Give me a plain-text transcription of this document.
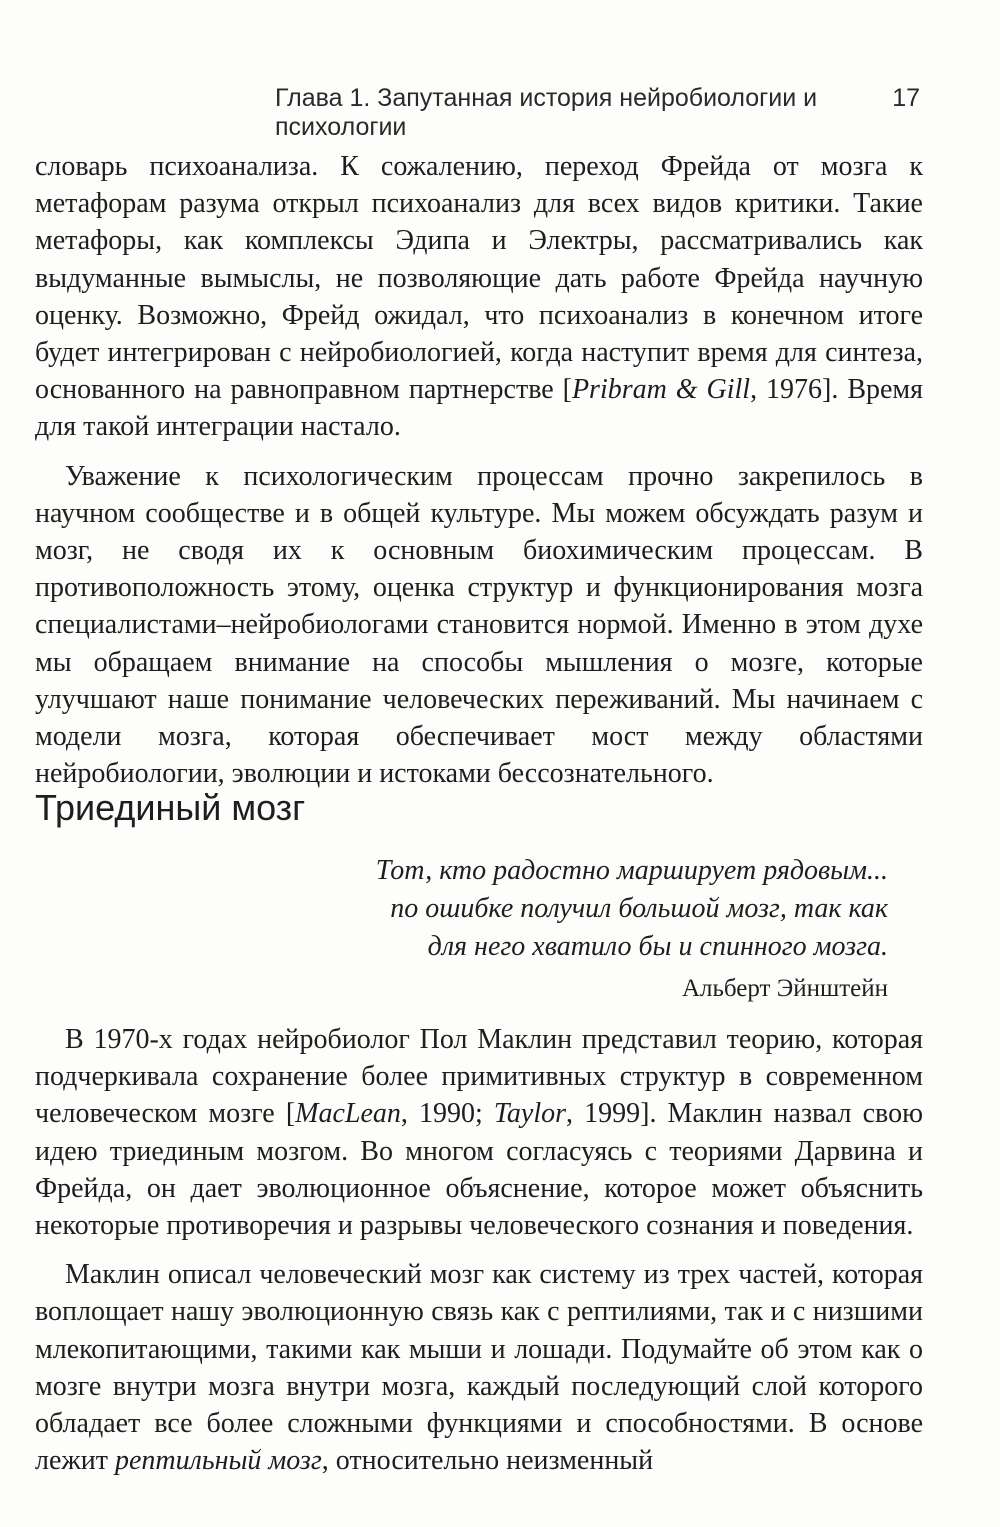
Глава 1. Запутанная история нейробиологии и психологии
17

словарь психоанализа. К сожалению, переход Фрейда от мозга к метафорам разума открыл психоанализ для всех видов критики. Такие метафоры, как комплексы Эдипа и Электры, рассматривались как выдуманные вымыслы, не позволяющие дать работе Фрейда научную оценку. Возможно, Фрейд ожидал, что психоанализ в конечном итоге будет интегрирован с нейробиологией, когда наступит время для синтеза, основанного на равноправном партнерстве [Pribram & Gill, 1976]. Время для такой интеграции настало.

Уважение к психологическим процессам прочно закрепилось в научном сообществе и в общей культуре. Мы можем обсуждать разум и мозг, не сводя их к основным биохимическим процессам. В противоположность этому, оценка структур и функционирования мозга специалистами–нейробиологами становится нормой. Именно в этом духе мы обращаем внимание на способы мышления о мозге, которые улучшают наше понимание человеческих переживаний. Мы начинаем с модели мозга, которая обеспечивает мост между областями нейробиологии, эволюции и истоками бессознательного.

Триединый мозг
Тот, кто радостно марширует рядовым...
по ошибке получил большой мозг, так как
для него хватило бы и спинного мозга.
Альберт Эйнштейн

В 1970-х годах нейробиолог Пол Маклин представил теорию, которая подчеркивала сохранение более примитивных структур в современном человеческом мозге [MacLean, 1990; Taylor, 1999]. Маклин назвал свою идею триединым мозгом. Во многом согласуясь с теориями Дарвина и Фрейда, он дает эволюционное объяснение, которое может объяснить некоторые противоречия и разрывы человеческого сознания и поведения.

Маклин описал человеческий мозг как систему из трех частей, которая воплощает нашу эволюционную связь как с рептилиями, так и с низшими млекопитающими, такими как мыши и лошади. Подумайте об этом как о мозге внутри мозга внутри мозга, каждый последующий слой которого обладает все более сложными функциями и способностями. В основе лежит рептильный мозг, относительно неизменный
